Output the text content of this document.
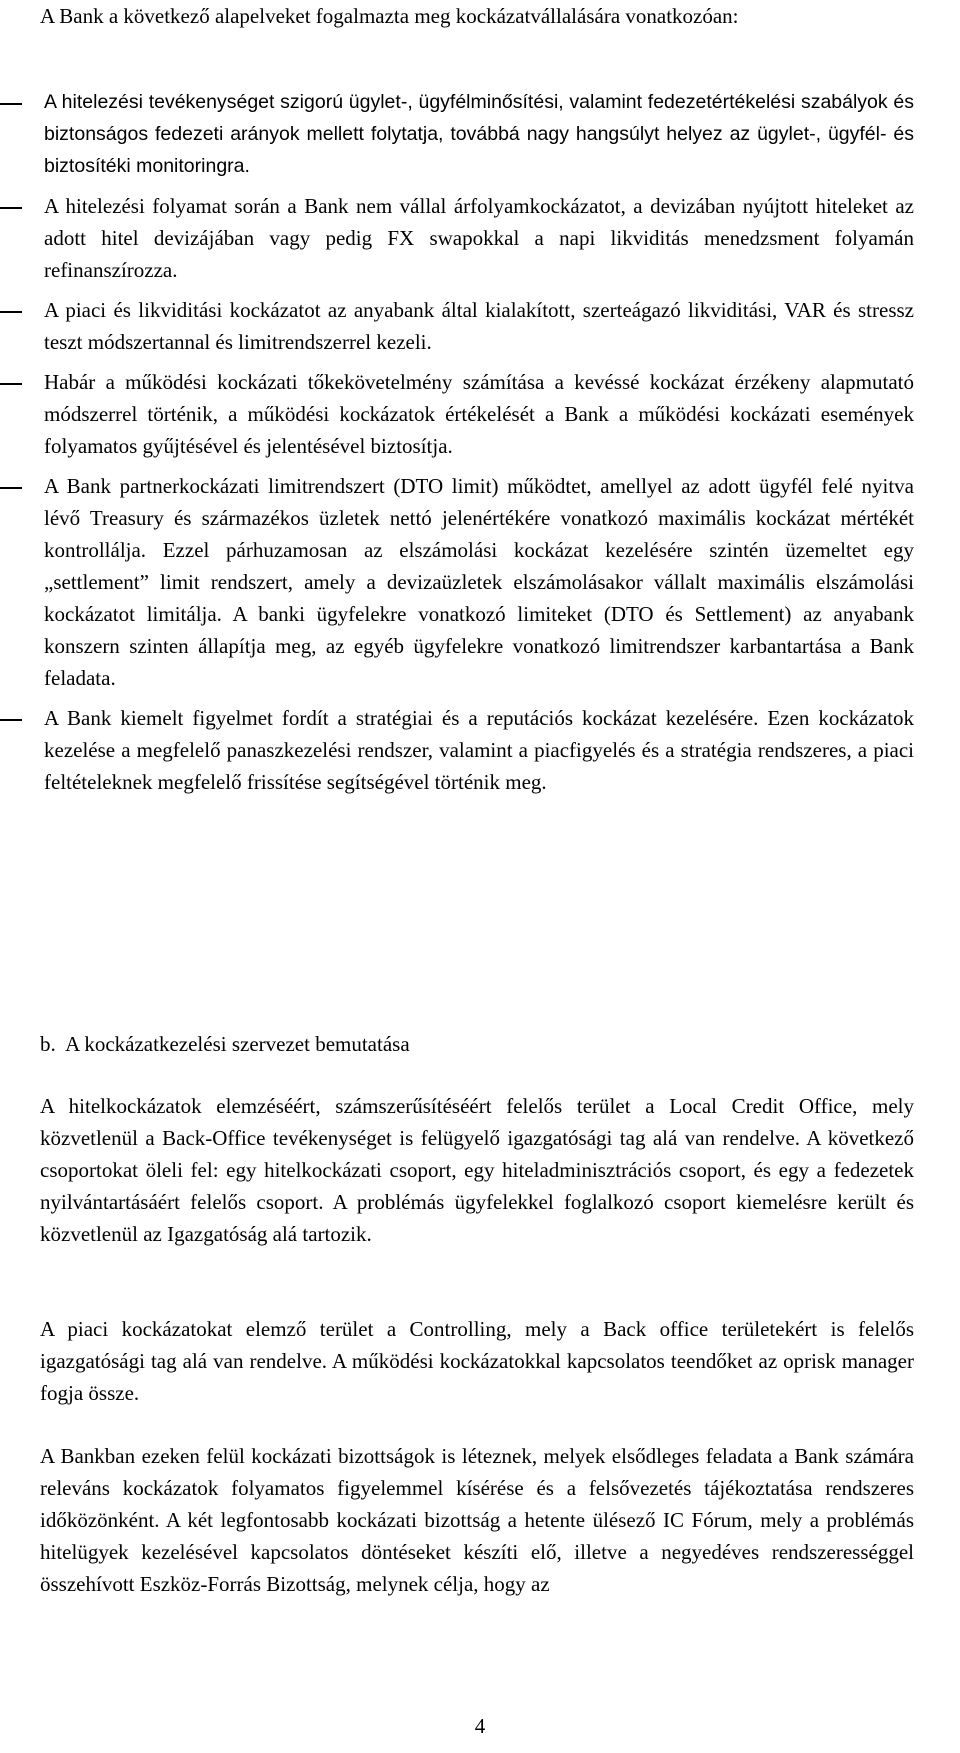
A Bank a következő alapelveket fogalmazta meg kockázatvállalására vonatkozóan:

A hitelezési tevékenységet szigorú ügylet-, ügyfélminősítési, valamint fedezetértékelési szabályok és biztonságos fedezeti arányok mellett folytatja, továbbá nagy hangsúlyt helyez az ügylet-, ügyfél- és biztosítéki monitoringra.
A hitelezési folyamat során a Bank nem vállal árfolyamkockázatot, a devizában nyújtott hiteleket az adott hitel devizájában vagy pedig FX swapokkal a napi likviditás menedzsment folyamán refinanszírozza.
A piaci és likviditási kockázatot az anyabank által kialakított, szerteágazó likviditási, VAR és stressz teszt módszertannal és limitrendszerrel kezeli.
Habár a működési kockázati tőkekövetelmény számítása a kevéssé kockázat érzékeny alapmutató módszerrel történik, a működési kockázatok értékelését a Bank a működési kockázati események folyamatos gyűjtésével és jelentésével biztosítja.
A Bank partnerkockázati limitrendszert (DTO limit) működtet, amellyel az adott ügyfél felé nyitva lévő Treasury és származékos üzletek nettó jelenértékére vonatkozó maximális kockázat mértékét kontrollálja. Ezzel párhuzamosan az elszámolási kockázat kezelésére szintén üzemeltet egy „settlement” limit rendszert, amely a devizaüzletek elszámolásakor vállalt maximális elszámolási kockázatot limitálja. A banki ügyfelekre vonatkozó limiteket (DTO és Settlement) az anyabank konszern szinten állapítja meg, az egyéb ügyfelekre vonatkozó limitrendszer karbantartása a Bank feladata.
A Bank kiemelt figyelmet fordít a stratégiai és a reputációs kockázat kezelésére. Ezen kockázatok kezelése a megfelelő panaszkezelési rendszer, valamint a piacfigyelés és a stratégia rendszeres, a piaci feltételeknek megfelelő frissítése segítségével történik meg.
b.  A kockázatkezelési szervezet bemutatása

A hitelkockázatok elemzéséért, számszerűsítéséért felelős terület a Local Credit Office, mely közvetlenül a Back-Office tevékenységet is felügyelő igazgatósági tag alá van rendelve. A következő csoportokat öleli fel: egy hitelkockázati csoport, egy hiteladminisztrációs csoport, és egy a fedezetek nyilvántartásáért felelős csoport. A problémás ügyfelekkel foglalkozó csoport kiemelésre került és közvetlenül az Igazgatóság alá tartozik.

A piaci kockázatokat elemző terület a Controlling, mely a Back office területekért is felelős igazgatósági tag alá van rendelve. A működési kockázatokkal kapcsolatos teendőket az oprisk manager fogja össze.

A Bankban ezeken felül kockázati bizottságok is léteznek, melyek elsődleges feladata a Bank számára releváns kockázatok folyamatos figyelemmel kísérése és a felsővezetés tájékoztatása rendszeres időközönként. A két legfontosabb kockázati bizottság a hetente ülésező IC Fórum, mely a problémás hitelügyek kezelésével kapcsolatos döntéseket készíti elő, illetve a negyedéves rendszerességgel összehívott Eszköz-Forrás Bizottság, melynek célja, hogy az

4
